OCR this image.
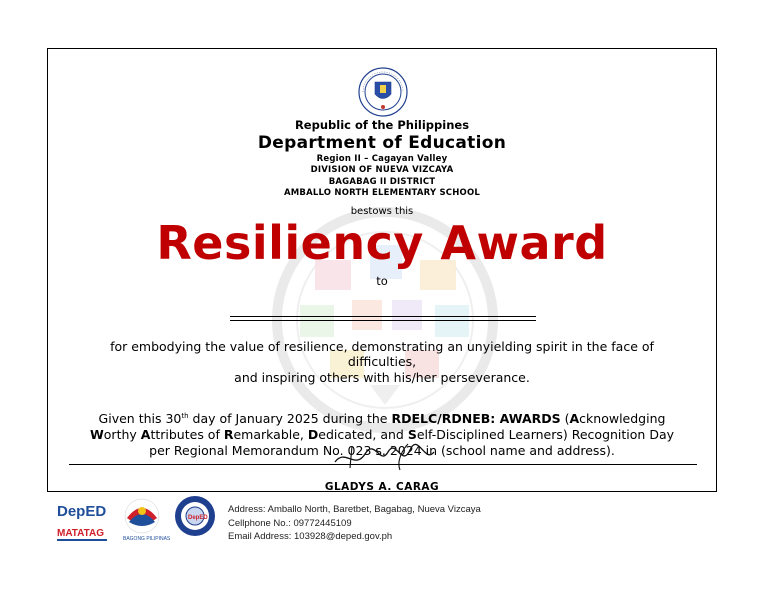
Republic of the Philippines
Department of Education
Region II – Cagayan Valley
DIVISION OF NUEVA VIZCAYA
BAGABAG II DISTRICT
AMBALLO NORTH ELEMENTARY SCHOOL
bestows this
Resiliency Award
to
for embodying the value of resilience, demonstrating an unyielding spirit in the face of
difficulties,
and inspiring others with his/her perseverance.
Given this 30th day of January 2025 during the RDELC/RDNEB: AWARDS (Acknowledging
Worthy Attributes of Remarkable, Dedicated, and Self-Disciplined Learners) Recognition Day
per Regional Memorandum No. 023 s. 2024 in (school name and address).
GLADYS A. CARAG
DepED
MATATAG	BAGONG PILIPINAS
DepED
Address: Amballo North, Baretbet, Bagabag, Nueva Vizcaya
Cellphone No.: 09772445109
Email Address: 103928@deped.gov.ph
